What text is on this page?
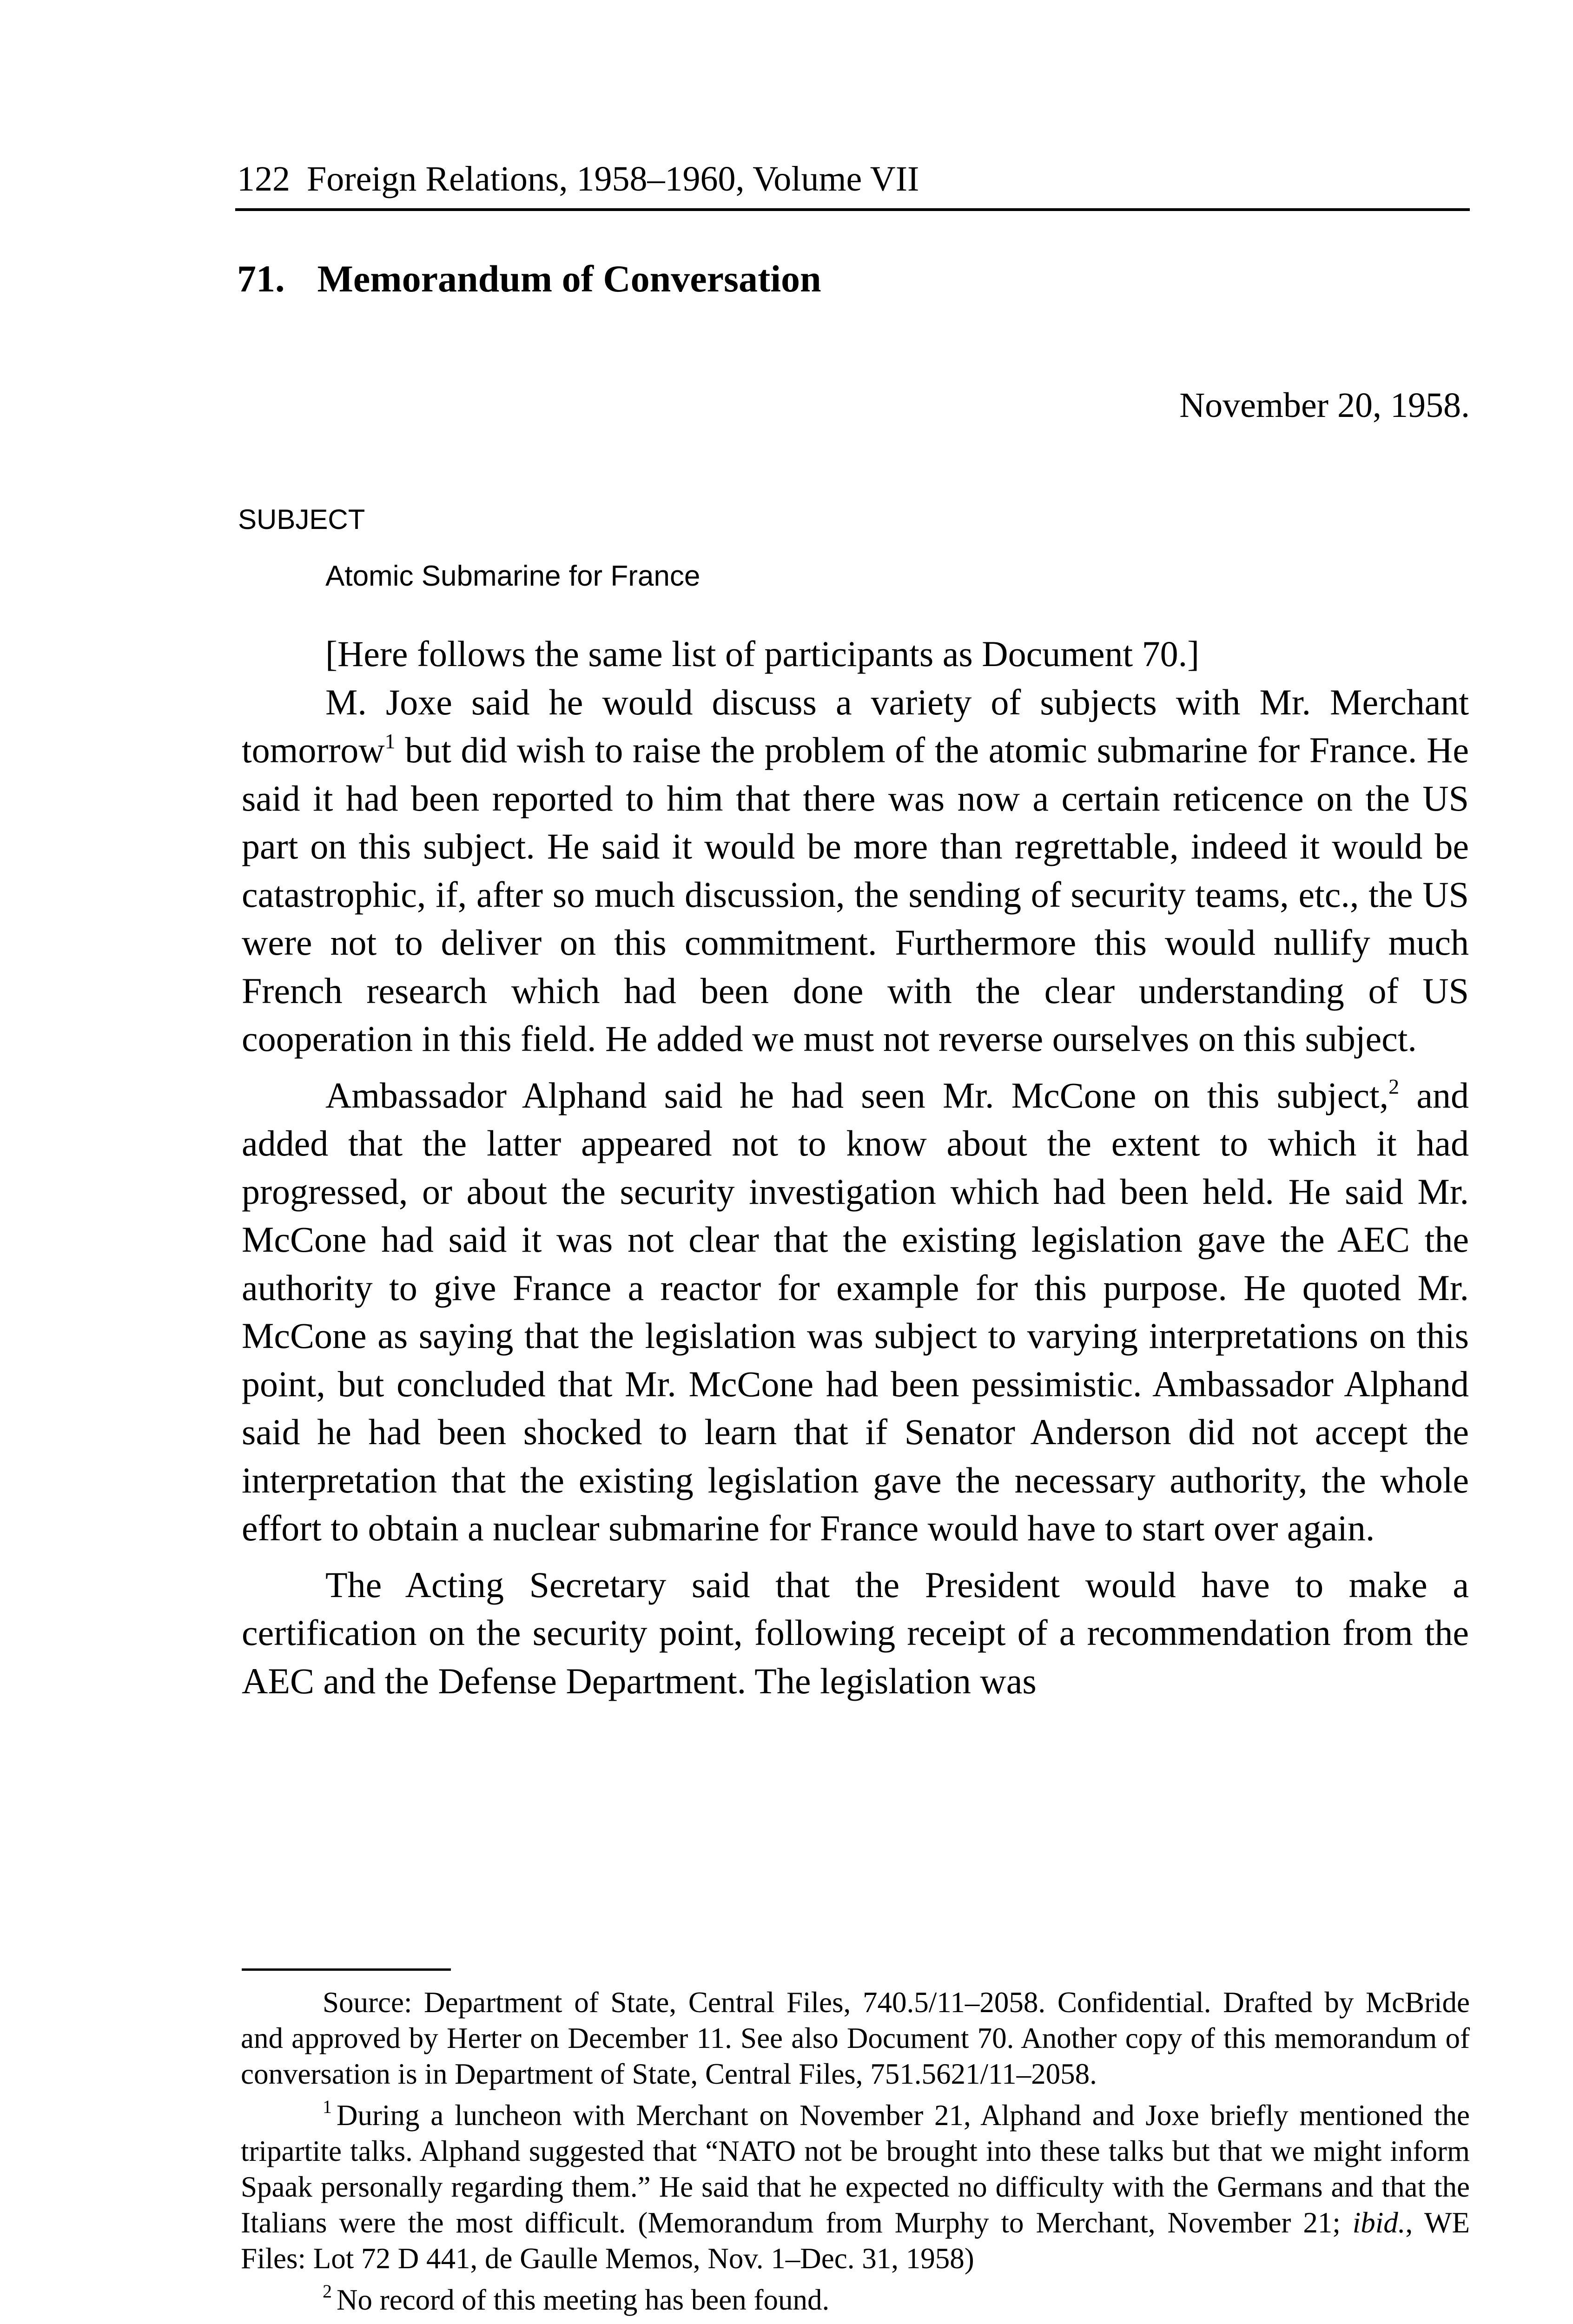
122 Foreign Relations, 1958–1960, Volume VII
71. Memorandum of Conversation
November 20, 1958.
SUBJECT
Atomic Submarine for France

[Here follows the same list of participants as Document 70.]

M. Joxe said he would discuss a variety of subjects with Mr. Merchant tomorrow$^1$ but did wish to raise the problem of the atomic submarine for France. He said it had been reported to him that there was now a certain reticence on the US part on this subject. He said it would be more than regrettable, indeed it would be catastrophic, if, after so much discussion, the sending of security teams, etc., the US were not to deliver on this commitment. Furthermore this would nullify much French research which had been done with the clear understanding of US cooperation in this field. He added we must not reverse ourselves on this subject.

Ambassador Alphand said he had seen Mr. McCone on this subject,$^2$ and added that the latter appeared not to know about the extent to which it had progressed, or about the security investigation which had been held. He said Mr. McCone had said it was not clear that the existing legislation gave the AEC the authority to give France a reactor for example for this purpose. He quoted Mr. McCone as saying that the legislation was subject to varying interpretations on this point, but concluded that Mr. McCone had been pessimistic. Ambassador Alphand said he had been shocked to learn that if Senator Anderson did not accept the interpretation that the existing legislation gave the necessary authority, the whole effort to obtain a nuclear submarine for France would have to start over again.

The Acting Secretary said that the President would have to make a certification on the security point, following receipt of a recommendation from the AEC and the Defense Department. The legislation was

Source: Department of State, Central Files, 740.5/11–2058. Confidential. Drafted by McBride and approved by Herter on December 11. See also Document 70. Another copy of this memorandum of conversation is in Department of State, Central Files, 751.5621/11–2058.

$^1$ During a luncheon with Merchant on November 21, Alphand and Joxe briefly mentioned the tripartite talks. Alphand suggested that “NATO not be brought into these talks but that we might inform Spaak personally regarding them.” He said that he expected no difficulty with the Germans and that the Italians were the most difficult. (Memorandum from Murphy to Merchant, November 21; ibid., WE Files: Lot 72 D 441, de Gaulle Memos, Nov. 1–Dec. 31, 1958)

$^2$ No record of this meeting has been found.
